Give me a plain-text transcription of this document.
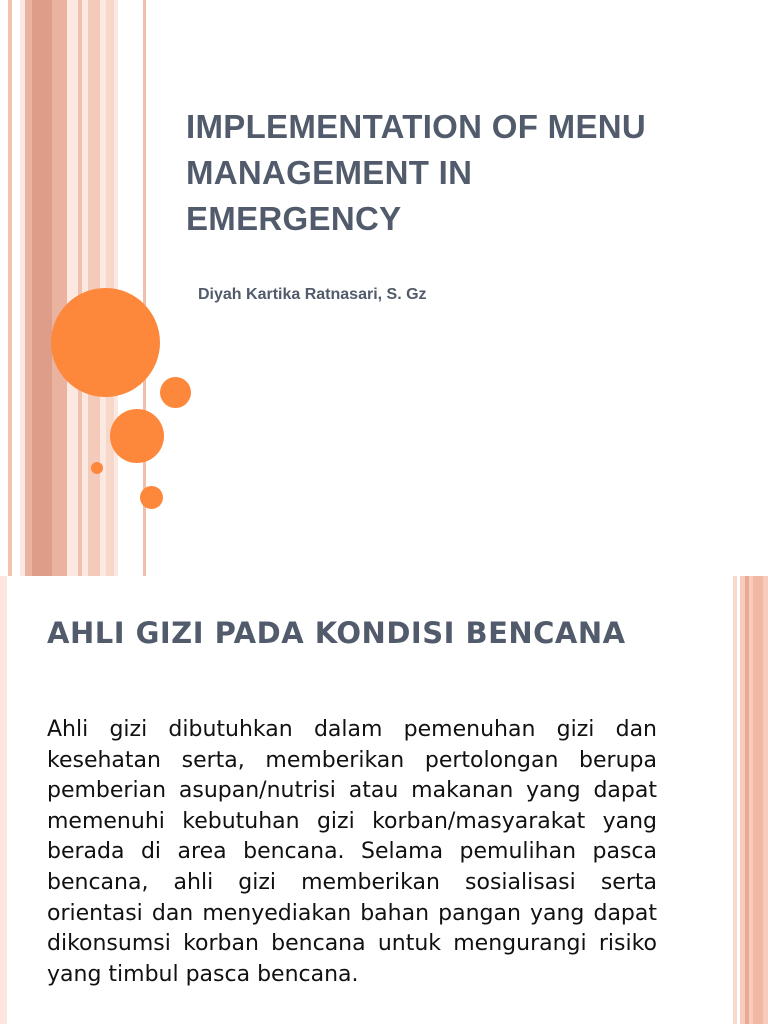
IMPLEMENTATION OF MENU MANAGEMENT IN EMERGENCY
Diyah Kartika Ratnasari, S. Gz
AHLI GIZI PADA KONDISI BENCANA
Ahli gizi dibutuhkan dalam pemenuhan gizi dan kesehatan serta, memberikan pertolongan berupa pemberian asupan/nutrisi atau makanan yang dapat memenuhi kebutuhan gizi korban/masyarakat yang berada di area bencana. Selama pemulihan pasca bencana, ahli gizi memberikan sosialisasi serta orientasi dan menyediakan bahan pangan yang dapat dikonsumsi korban bencana untuk mengurangi risiko yang timbul pasca bencana.
